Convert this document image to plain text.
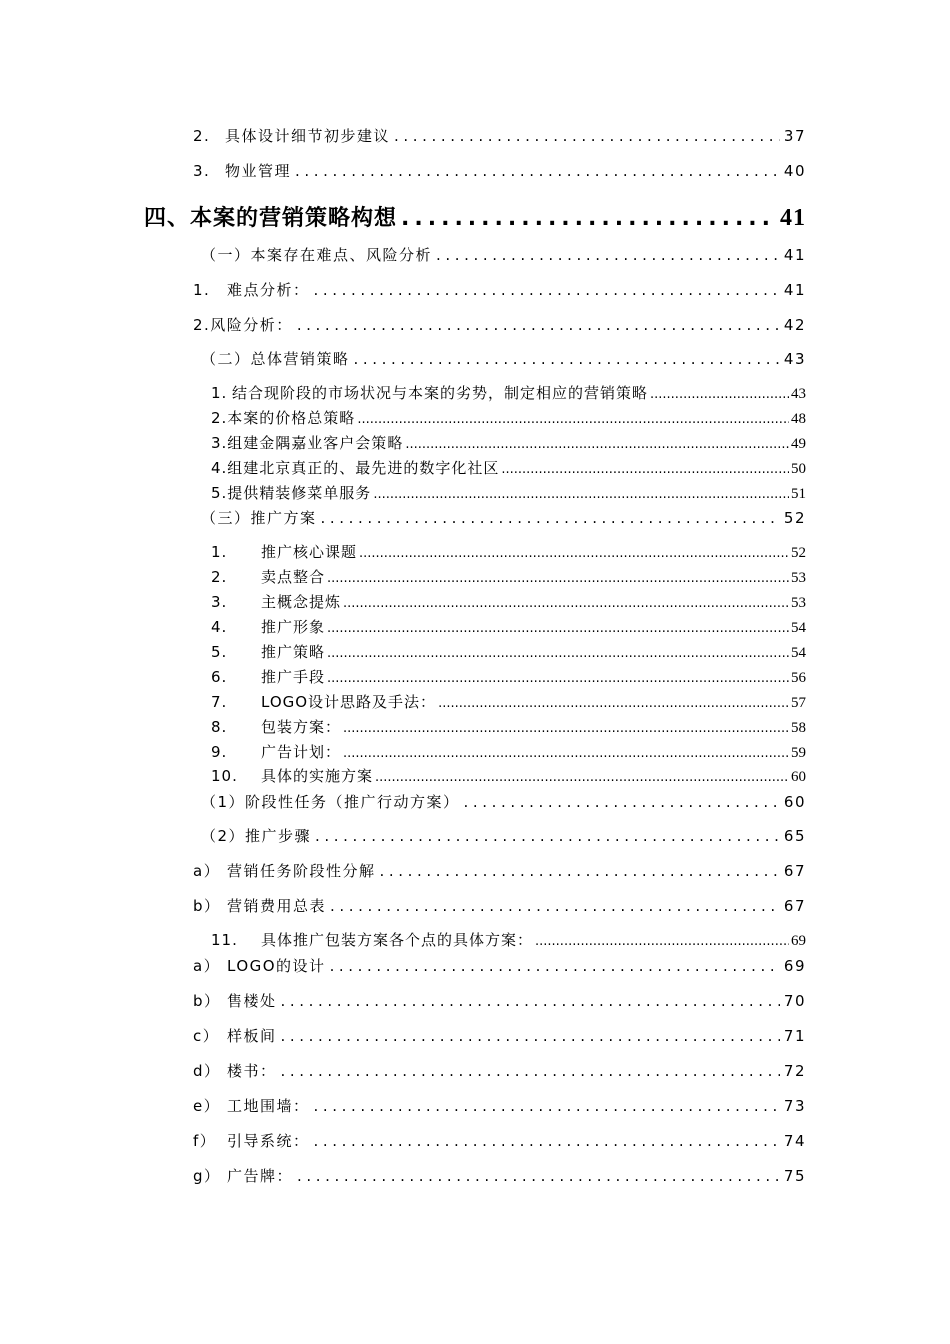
2. 具体设计细节初步建议 .....	37
3. 物业管理 .....	40
四、本案的营销策略构想 .....	41
（一）本案存在难点、风险分析 .....	41
1.	难点分析： .....	41
2.风险分析： .....	42
（二）总体营销策略 .....	43
1. 结合现阶段的市场状况与本案的劣势，制定相应的营销策略 .....	43
2.本案的价格总策略 .....	48
3.组建金隅嘉业客户会策略 .....	49
4.组建北京真正的、最先进的数字化社区 .....	50
5.提供精装修菜单服务 .....	51
（三）推广方案 .....	52
1.	推广核心课题 .....	52
2.	卖点整合 .....	53
3.	主概念提炼 .....	53
4.	推广形象 .....	54
5.	推广策略 .....	54
6.	推广手段 .....	56
7.	LOGO设计思路及手法： .....	57
8.	包装方案： .....	58
9.	广告计划： .....	59
10.	具体的实施方案 .....	60
（1）阶段性任务（推广行动方案） .....	60
（2）推广步骤 .....	65
a） 营销任务阶段性分解 .....	67
b） 营销费用总表 .....	67
11.	具体推广包装方案各个点的具体方案： .....	69
a） LOGO的设计 .....	69
b） 售楼处 .....	70
c） 样板间 .....	71
d） 楼书： .....	72
e） 工地围墙： .....	73
f） 引导系统： .....	74
g） 广告牌： .....	75
